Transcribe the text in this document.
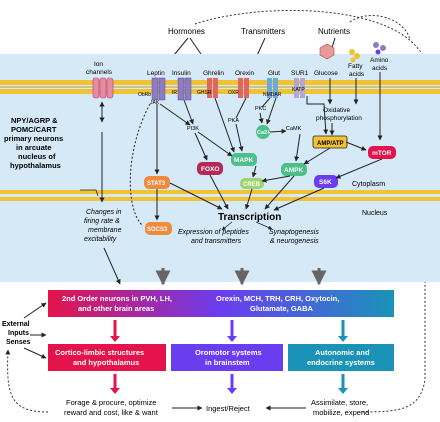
Hormones	Transmitters	Nutrients
NPY/AGRP & POMC/CART primary neurons in arcuate nucleus of hypothalamus
Ion channels	Leptin Insulin Ghrelin Orexin Glut SUR1
ObRb
JAK
IR	GHSR	OXR	NMDAR
KATP
Glucose
Fatty acids
Amino acids
Oxidative phosphorylation
AMP/ATP
mTOR
PI3K
PKA
PKC
CaMK
Ca2+
FOXO
MAPK
AMPK
CREB
STAT3	S6K	Cytoplasm
Nucleus
SOCS3
Transcription
Expression of peptides and transmitters
Synaptogenesis & neurogenesis
Changes in firing rate & membrane excitability
2nd Order neurons in PVH, LH, and other brain areas
Orexin, MCH, TRH, CRH, Oxytocin, Glutamate, GABA
Cortico-limbic structures and hypothalamus
Oromotor systems in brainstem
Autonomic and endocrine systems
External Inputs Senses
Forage & procure, optimize reward and cost, like & want	Ingest/Reject
Assimilate, store, mobilize, expend
